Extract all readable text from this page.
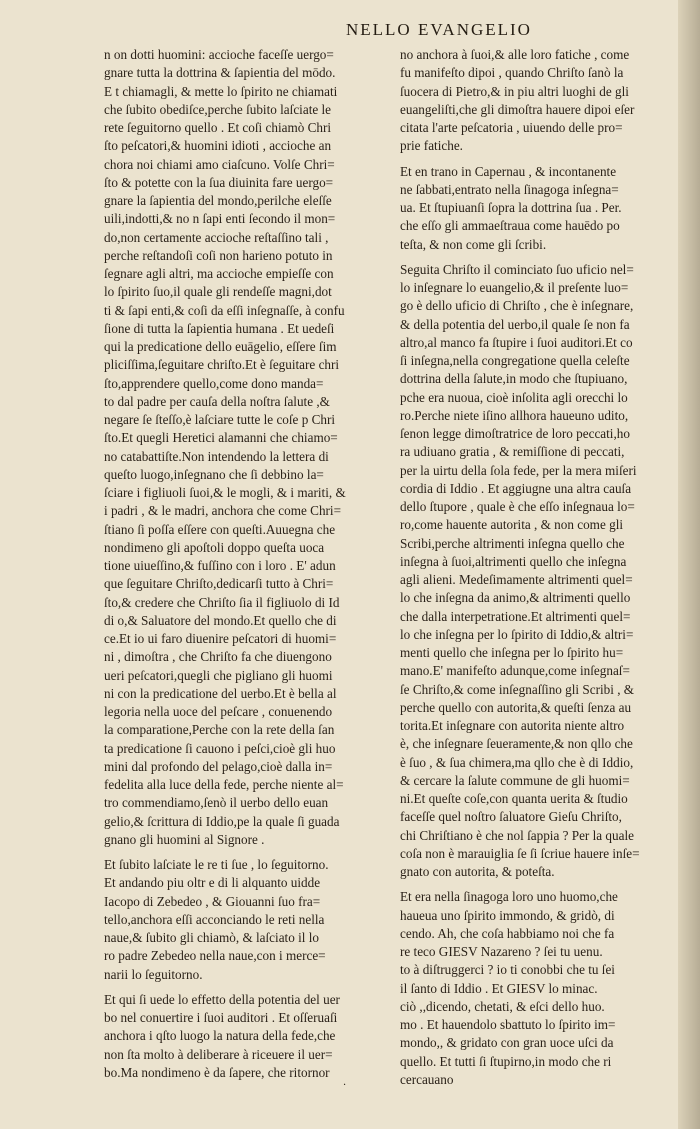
NELLO EVANGELIO
n on dotti huomini: accioche faceſſe uergo=
gnare tutta la dottrina & ſapientia del mōdo.
E t chiamagli, & mette lo ſpirito ne chiamati
che ſubito obediſce,perche ſubito laſciate le
rete ſeguitorno quello . Et coſi chiamò Chri
ſto peſcatori,& huomini idioti , accioche an
chora noi chiami amo ciaſcuno. Volſe Chri=
ſto & potette con la ſua diuinita fare uergo=
gnare la ſapientia del mondo,perilche eleſſe
uili,indotti,& no n ſapi enti ſecondo il mon=
do,non certamente accioche reſtaſſino tali ,
perche reſtandoſi coſi non harieno potuto in
ſegnare agli altri, ma accioche empieſſe con
lo ſpirito ſuo,il quale gli rendeſſe magni,dot
ti & ſapi enti,& coſi da eſſi inſegnaſſe, à confu
ſione di tutta la ſapientia humana . Et uedeſi
qui la predicatione dello euāgelio, eſſere ſim
pliciſſima,ſeguitare chriſto.Et è ſeguitare chri
ſto,apprendere quello,come dono manda=
to dal padre per cauſa della noſtra ſalute ,&
negare ſe ſteſſo,è laſciare tutte le coſe p Chri
ſto.Et quegli Heretici alamanni che chiamo=
no catabattiſte.Non intendendo la lettera di
queſto luogo,inſegnano che ſi debbino la=
ſciare i figliuoli ſuoi,& le mogli, & i mariti, &
i padri , & le madri, anchora che come Chri=
ſtiano ſi poſſa eſſere con queſti.Auuegna che
nondimeno gli apoſtoli doppo queſta uoca
tione uiueſſino,& fuſſino con i loro . E' adun
que ſeguitare Chriſto,dedicarſi tutto à Chri=
ſto,& credere che Chriſto ſia il figliuolo di Id
di o,& Saluatore del mondo.Et quello che di
ce.Et io ui faro diuenire peſcatori di huomi=
ni , dimoſtra , che Chriſto fa che diuengono
ueri peſcatori,quegli che pigliano gli huomi
ni con la predicatione del uerbo.Et è bella al
legoria nella uoce del peſcare , conuenendo
la comparatione,Perche con la rete della ſan
ta predicatione ſi cauono i peſci,cioè gli huo
mini dal profondo del pelago,cioè dalla in=
fedelita alla luce della fede, perche niente al=
tro commendiamo,ſenò il uerbo dello euan
gelio,& ſcrittura di Iddio,pe la quale ſi guada
gnano gli huomini al Signore .
Et ſubito laſciate le re ti ſue , lo ſeguitorno.
Et andando piu oltr e di li alquanto uidde
Iacopo di Zebedeo , & Giouanni ſuo fra=
tello,anchora eſſi acconciando le reti nella
naue,& ſubito gli chiamò, & laſciato il lo
ro padre Zebedeo nella naue,con i merce=
narii lo ſeguitorno.
Et qui ſi uede lo effetto della potentia del uer
bo nel conuertire i ſuoi auditori . Et oſſeruaſi
anchora i qſto luogo la natura della fede,che
non ſta molto à deliberare à riceuere il uer=
bo.Ma nondimeno è da ſapere, che ritornor
no anchora à ſuoi,& alle loro fatiche , come
fu manifeſto dipoi , quando Chriſto ſanò la
ſuocera di Pietro,& in piu altri luoghi de gli
euangeliſti,che gli dimoſtra hauere dipoi eſer
citata l'arte peſcatoria , uiuendo delle pro=
prie fatiche.
Et en trano in Capernau , & incontanente
ne ſabbati,entrato nella ſinagoga inſegna=
ua. Et ſtupiuanſi ſopra la dottrina ſua . Per.
che eſſo gli ammaeſtraua come hauēdo po
teſta, & non come gli ſcribi.
Seguita Chriſto il cominciato ſuo uficio nel=
lo inſegnare lo euangelio,& il preſente luo=
go è dello uficio di Chriſto , che è inſegnare,
& della potentia del uerbo,il quale ſe non fa
altro,al manco fa ſtupire i ſuoi auditori.Et co
ſi inſegna,nella congregatione quella celeſte
dottrina della ſalute,in modo che ſtupiuano,
pche era nuoua, cioè inſolita agli orecchi lo
ro.Perche niete iſino allhora haueuno udito,
ſenon legge dimoſtratrice de loro peccati,ho
ra udiuano gratia , & remiſſione di peccati,
per la uirtu della ſola fede, per la mera miſeri
cordia di Iddio . Et aggiugne una altra cauſa
dello ſtupore , quale è che eſſo inſegnaua lo=
ro,come hauente autorita , & non come gli
Scribi,perche altrimenti inſegna quello che
inſegna à ſuoi,altrimenti quello che inſegna
agli alieni. Medeſimamente altrimenti quel=
lo che inſegna da animo,& altrimenti quello
che dalla interpetratione.Et altrimenti quel=
lo che inſegna per lo ſpirito di Iddio,& altri=
menti quello che inſegna per lo ſpirito hu=
mano.E' manifeſto adunque,come inſegnaſ=
ſe Chriſto,& come inſegnaſſino gli Scribi , &
perche quello con autorita,& queſti ſenza au
torita.Et inſegnare con autorita niente altro
è, che inſegnare ſeueramente,& non qllo che
è ſuo , & ſua chimera,ma qllo che è di Iddio,
& cercare la ſalute commune de gli huomi=
ni.Et queſte coſe,con quanta uerita & ſtudio
faceſſe quel noſtro ſaluatore Gieſu Chriſto,
chi Chriſtiano è che nol ſappia ? Per la quale
coſa non è marauiglia ſe ſi ſcriue hauere inſe=
gnato con autorita, & poteſta.
Et era nella ſinagoga loro uno huomo,che
haueua uno ſpirito immondo, & gridò, di
cendo. Ah, che coſa habbiamo noi che fa
re teco GIESV Nazareno ? ſei tu uenu.
to à diſtruggerci ? io ti conobbi che tu ſei
il ſanto di Iddio . Et GIESV lo minac.
ciò ,,dicendo, chetati, & eſci dello huo.
mo . Et hauendolo sbattuto lo ſpirito im=
mondo,, & gridato con gran uoce uſci da
quello. Et tutti ſi ſtupirno,in modo che ri
cercauano
·
